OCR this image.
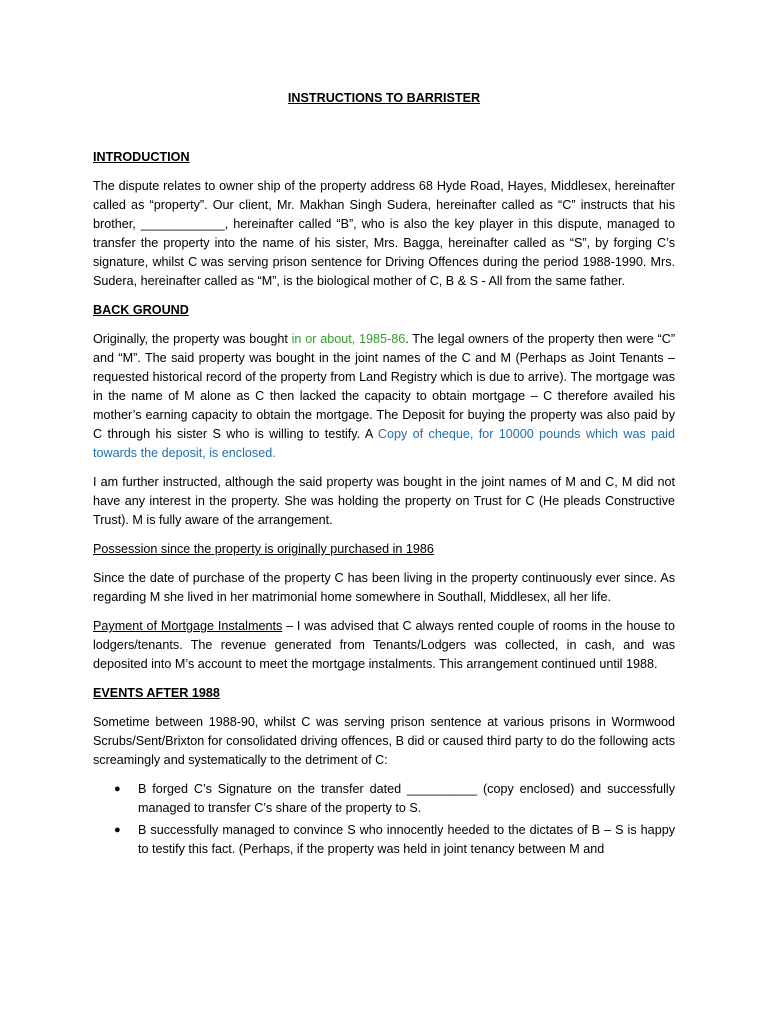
INSTRUCTIONS TO BARRISTER
INTRODUCTION

The dispute relates to owner ship of the property address 68 Hyde Road, Hayes, Middlesex, hereinafter called as “property”. Our client, Mr. Makhan Singh Sudera, hereinafter called as “C” instructs that his brother, ____________, hereinafter called “B”, who is also the key player in this dispute, managed to transfer the property into the name of his sister, Mrs. Bagga, hereinafter called as “S”, by forging C’s signature, whilst C was serving prison sentence for Driving Offences during the period 1988-1990. Mrs. Sudera, hereinafter called as “M”, is the biological mother of C, B & S - All from the same father.

BACK GROUND

Originally, the property was bought in or about, 1985-86. The legal owners of the property then were “C” and “M”. The said property was bought in the joint names of the C and M (Perhaps as Joint Tenants – requested historical record of the property from Land Registry which is due to arrive). The mortgage was in the name of M alone as C then lacked the capacity to obtain mortgage – C therefore availed his mother’s earning capacity to obtain the mortgage. The Deposit for buying the property was also paid by C through his sister S who is willing to testify. A Copy of cheque, for 10000 pounds which was paid towards the deposit, is enclosed.

I am further instructed, although the said property was bought in the joint names of M and C, M did not have any interest in the property. She was holding the property on Trust for C (He pleads Constructive Trust). M is fully aware of the arrangement.

Possession since the property is originally purchased in 1986

Since the date of purchase of the property C has been living in the property continuously ever since. As regarding M she lived in her matrimonial home somewhere in Southall, Middlesex, all her life.

Payment of Mortgage Instalments – I was advised that C always rented couple of rooms in the house to lodgers/tenants. The revenue generated from Tenants/Lodgers was collected, in cash, and was deposited into M’s account to meet the mortgage instalments. This arrangement continued until 1988.

EVENTS AFTER 1988

Sometime between 1988-90, whilst C was serving prison sentence at various prisons in Wormwood Scrubs/Sent/Brixton for consolidated driving offences, B did or caused third party to do the following acts screamingly and systematically to the detriment of C:

● B forged C’s Signature on the transfer dated __________ (copy enclosed) and successfully managed to transfer C’s share of the property to S.
● B successfully managed to convince S who innocently heeded to the dictates of B – S is happy to testify this fact. (Perhaps, if the property was held in joint tenancy between M and
